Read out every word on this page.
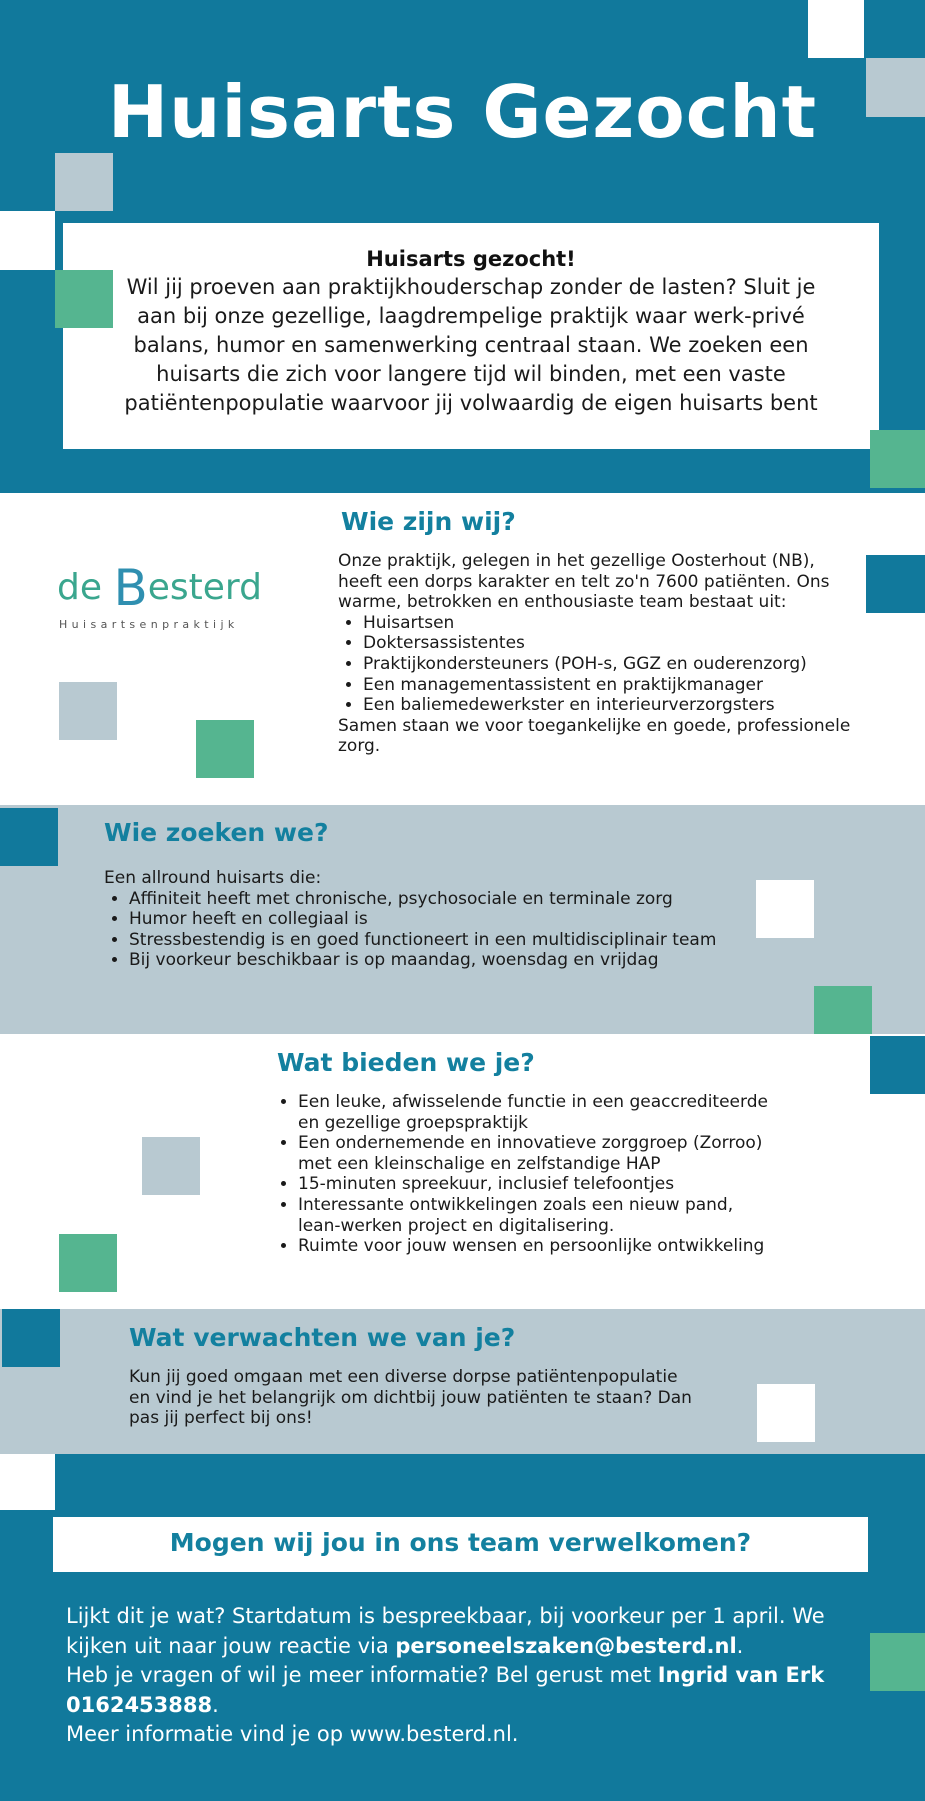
Huisarts Gezocht
Huisarts gezocht!
Wil jij proeven aan praktijkhouderschap zonder de lasten? Sluit je aan bij onze gezellige, laagdrempelige praktijk waar werk-privé balans, humor en samenwerking centraal staan. We zoeken een huisarts die zich voor langere tijd wil binden, met een vaste patiëntenpopulatie waarvoor jij volwaardig de eigen huisarts bent
de Besterd
Huisartsenpraktijk
Wie zijn wij?

Onze praktijk, gelegen in het gezellige Oosterhout (NB), heeft een dorps karakter en telt zo'n 7600 patiënten. Ons warme, betrokken en enthousiaste team bestaat uit:

• Huisartsen
• Doktersassistentes
• Praktijkondersteuners (POH-s, GGZ en ouderenzorg)
• Een managementassistent en praktijkmanager
• Een baliemedewerkster en interieurverzorgsters

Samen staan we voor toegankelijke en goede, professionele zorg.

Wie zoeken we?

Een allround huisarts die:

• Affiniteit heeft met chronische, psychosociale en terminale zorg
• Humor heeft en collegiaal is
• Stressbestendig is en goed functioneert in een multidisciplinair team
• Bij voorkeur beschikbaar is op maandag, woensdag en vrijdag
Wat bieden we je?
• Een leuke, afwisselende functie in een geaccrediteerde en gezellige groepspraktijk
• Een ondernemende en innovatieve zorggroep (Zorroo) met een kleinschalige en zelfstandige HAP
• 15-minuten spreekuur, inclusief telefoontjes
• Interessante ontwikkelingen zoals een nieuw pand, lean-werken project en digitalisering.
• Ruimte voor jouw wensen en persoonlijke ontwikkeling
Wat verwachten we van je?

Kun jij goed omgaan met een diverse dorpse patiëntenpopulatie en vind je het belangrijk om dichtbij jouw patiënten te staan? Dan pas jij perfect bij ons!

Mogen wij jou in ons team verwelkomen?
Lijkt dit je wat? Startdatum is bespreekbaar, bij voorkeur per 1 april. We kijken uit naar jouw reactie via personeelszaken@besterd.nl.
Heb je vragen of wil je meer informatie? Bel gerust met Ingrid van Erk 0162453888.
Meer informatie vind je op www.besterd.nl.
